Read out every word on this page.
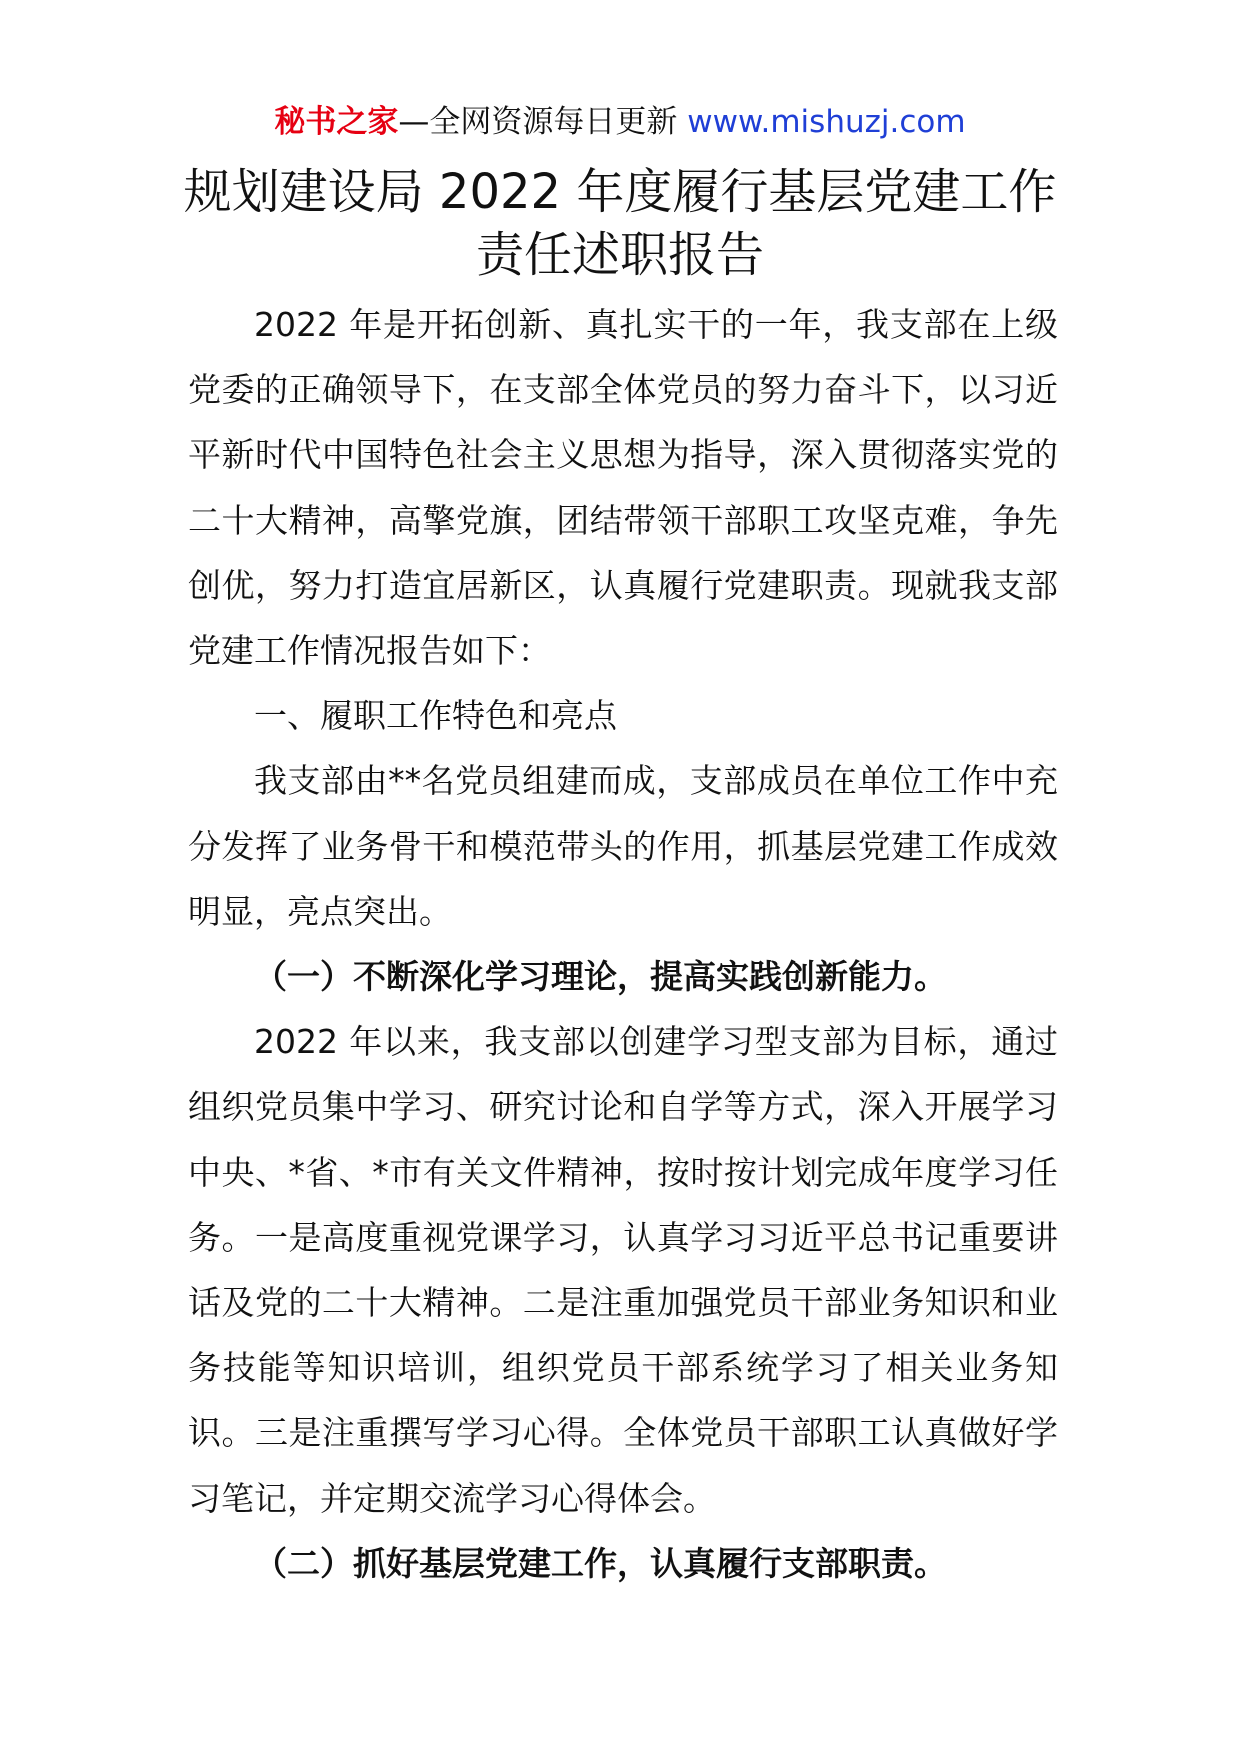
秘书之家—全网资源每日更新 www.mishuzj.com
规划建设局 2022 年度履行基层党建工作
责任述职报告

2022 年是开拓创新、真扎实干的一年，我支部在上级党委的正确领导下，在支部全体党员的努力奋斗下，以习近平新时代中国特色社会主义思想为指导，深入贯彻落实党的二十大精神，高擎党旗，团结带领干部职工攻坚克难，争先创优，努力打造宜居新区，认真履行党建职责。现就我支部党建工作情况报告如下：

一、履职工作特色和亮点

我支部由**名党员组建而成，支部成员在单位工作中充分发挥了业务骨干和模范带头的作用，抓基层党建工作成效明显，亮点突出。

（一）不断深化学习理论，提高实践创新能力。

2022 年以来，我支部以创建学习型支部为目标，通过组织党员集中学习、研究讨论和自学等方式，深入开展学习中央、*省、*市有关文件精神，按时按计划完成年度学习任务。一是高度重视党课学习，认真学习习近平总书记重要讲话及党的二十大精神。二是注重加强党员干部业务知识和业务技能等知识培训，组织党员干部系统学习了相关业务知识。三是注重撰写学习心得。全体党员干部职工认真做好学习笔记，并定期交流学习心得体会。

（二）抓好基层党建工作，认真履行支部职责。
